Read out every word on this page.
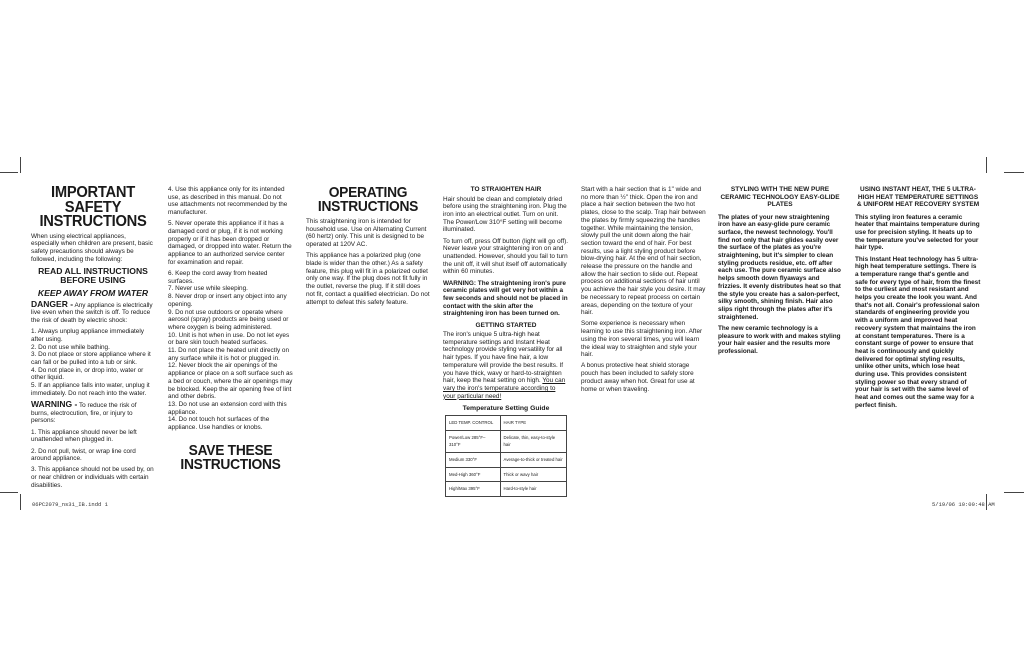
IMPORTANT SAFETY INSTRUCTIONS

When using electrical appliances, especially when children are present, basic safety precautions should always be followed, including the following:

READ ALL INSTRUCTIONS BEFORE USING
KEEP AWAY FROM WATER

DANGER - Any appliance is electrically live even when the switch is off. To reduce the risk of death by electric shock:

1. Always unplug appliance immediately after using.

2. Do not use while bathing.

3. Do not place or store appliance where it can fall or be pulled into a tub or sink.

4. Do not place in, or drop into, water or other liquid.

5. If an appliance falls into water, unplug it immediately. Do not reach into the water.

WARNING - To reduce the risk of burns, electrocution, fire, or injury to persons:

1. This appliance should never be left unattended when plugged in.

2. Do not pull, twist, or wrap line cord around appliance.

3. This appliance should not be used by, on or near children or individuals with certain disabilities.

4. Use this appliance only for its intended use, as described in this manual. Do not use attachments not recommended by the manufacturer.

5. Never operate this appliance if it has a damaged cord or plug, if it is not working properly or if it has been dropped or damaged, or dropped into water. Return the appliance to an authorized service center for examination and repair.

6. Keep the cord away from heated surfaces.

7. Never use while sleeping.

8. Never drop or insert any object into any opening.

9. Do not use outdoors or operate where aerosol (spray) products are being used or where oxygen is being administered.

10. Unit is hot when in use. Do not let eyes or bare skin touch heated surfaces.

11. Do not place the heated unit directly on any surface while it is hot or plugged in.

12. Never block the air openings of the appliance or place on a soft surface such as a bed or couch, where the air openings may be blocked. Keep the air opening free of lint and other debris.

13. Do not use an extension cord with this appliance.

14. Do not touch hot surfaces of the appliance. Use handles or knobs.

SAVE THESE INSTRUCTIONS
OPERATING INSTRUCTIONS

This straightening iron is intended for household use. Use on Alternating Current (60 hertz) only. This unit is designed to be operated at 120V AC.

This appliance has a polarized plug (one blade is wider than the other.) As a safety feature, this plug will fit in a polarized outlet only one way. If the plug does not fit fully in the outlet, reverse the plug. If it still does not fit, contact a qualified electrician. Do not attempt to defeat this safety feature.

TO STRAIGHTEN HAIR

Hair should be clean and completely dried before using the straightening iron. Plug the iron into an electrical outlet. Turn on unit. The Power/Low 310°F setting will become illuminated.

To turn off, press Off button (light will go off). Never leave your straightening iron on and unattended. However, should you fail to turn the unit off, it will shut itself off automatically within 60 minutes.

WARNING: The straightening iron's pure ceramic plates will get very hot within a few seconds and should not be placed in contact with the skin after the straightening iron has been turned on.

GETTING STARTED

The iron's unique 5 ultra-high heat temperature settings and Instant Heat technology provide styling versatility for all hair types. If you have fine hair, a low temperature will provide the best results. If you have thick, wavy or hard-to-straighten hair, keep the heat setting on high. You can vary the iron's temperature according to your particular need!

Temperature Setting Guide
LED TEMP. CONTROL	HAIR TYPE
Power/Low 285°F–310°F	Delicate, thin, easy-to-style hair
Medium 330°F	Average-to-thick or treated hair
Med-High 360°F	Thick or wavy hair
High/Max 395°F	Hard-to-style hair

Start with a hair section that is 1" wide and no more than ½" thick. Open the iron and place a hair section between the two hot plates, close to the scalp. Trap hair between the plates by firmly squeezing the handles together. While maintaining the tension, slowly pull the unit down along the hair section toward the end of hair. For best results, use a light styling product before blow-drying hair. At the end of hair section, release the pressure on the handle and allow the hair section to slide out. Repeat process on additional sections of hair until you achieve the hair style you desire. It may be necessary to repeat process on certain areas, depending on the texture of your hair.

Some experience is necessary when learning to use this straightening iron. After using the iron several times, you will learn the ideal way to straighten and style your hair.

A bonus protective heat shield storage pouch has been included to safely store product away when hot. Great for use at home or when traveling.

STYLING WITH THE NEW PURE CERAMIC TECHNOLOGY EASY-GLIDE PLATES

The plates of your new straightening iron have an easy-glide pure ceramic surface, the newest technology. You'll find not only that hair glides easily over the surface of the plates as you're straightening, but it's simpler to clean styling products residue, etc. off after each use. The pure ceramic surface also helps smooth down flyaways and frizzies. It evenly distributes heat so that the style you create has a salon-perfect, silky smooth, shining finish. Hair also slips right through the plates after it's straightened.

The new ceramic technology is a pleasure to work with and makes styling your hair easier and the results more professional.

USING INSTANT HEAT, THE 5 ULTRA-HIGH HEAT TEMPERATURE SETTINGS & UNIFORM HEAT RECOVERY SYSTEM

This styling iron features a ceramic heater that maintains temperature during use for precision styling. It heats up to the temperature you've selected for your hair type.

This Instant Heat technology has 5 ultra-high heat temperature settings. There is a temperature range that's gentle and safe for every type of hair, from the finest to the curliest and most resistant and helps you create the look you want. And that's not all. Conair's professional salon standards of engineering provide you with a uniform and improved heat recovery system that maintains the iron at constant temperatures. There is a constant surge of power to ensure that heat is continuously and quickly delivered for optimal styling results, unlike other units, which lose heat during use. This provides consistent styling power so that every strand of your hair is set with the same level of heat and comes out the same way for a perfect finish.

06PC2079_ns31_IB.indd 1	5/19/06 10:00:48 AM
